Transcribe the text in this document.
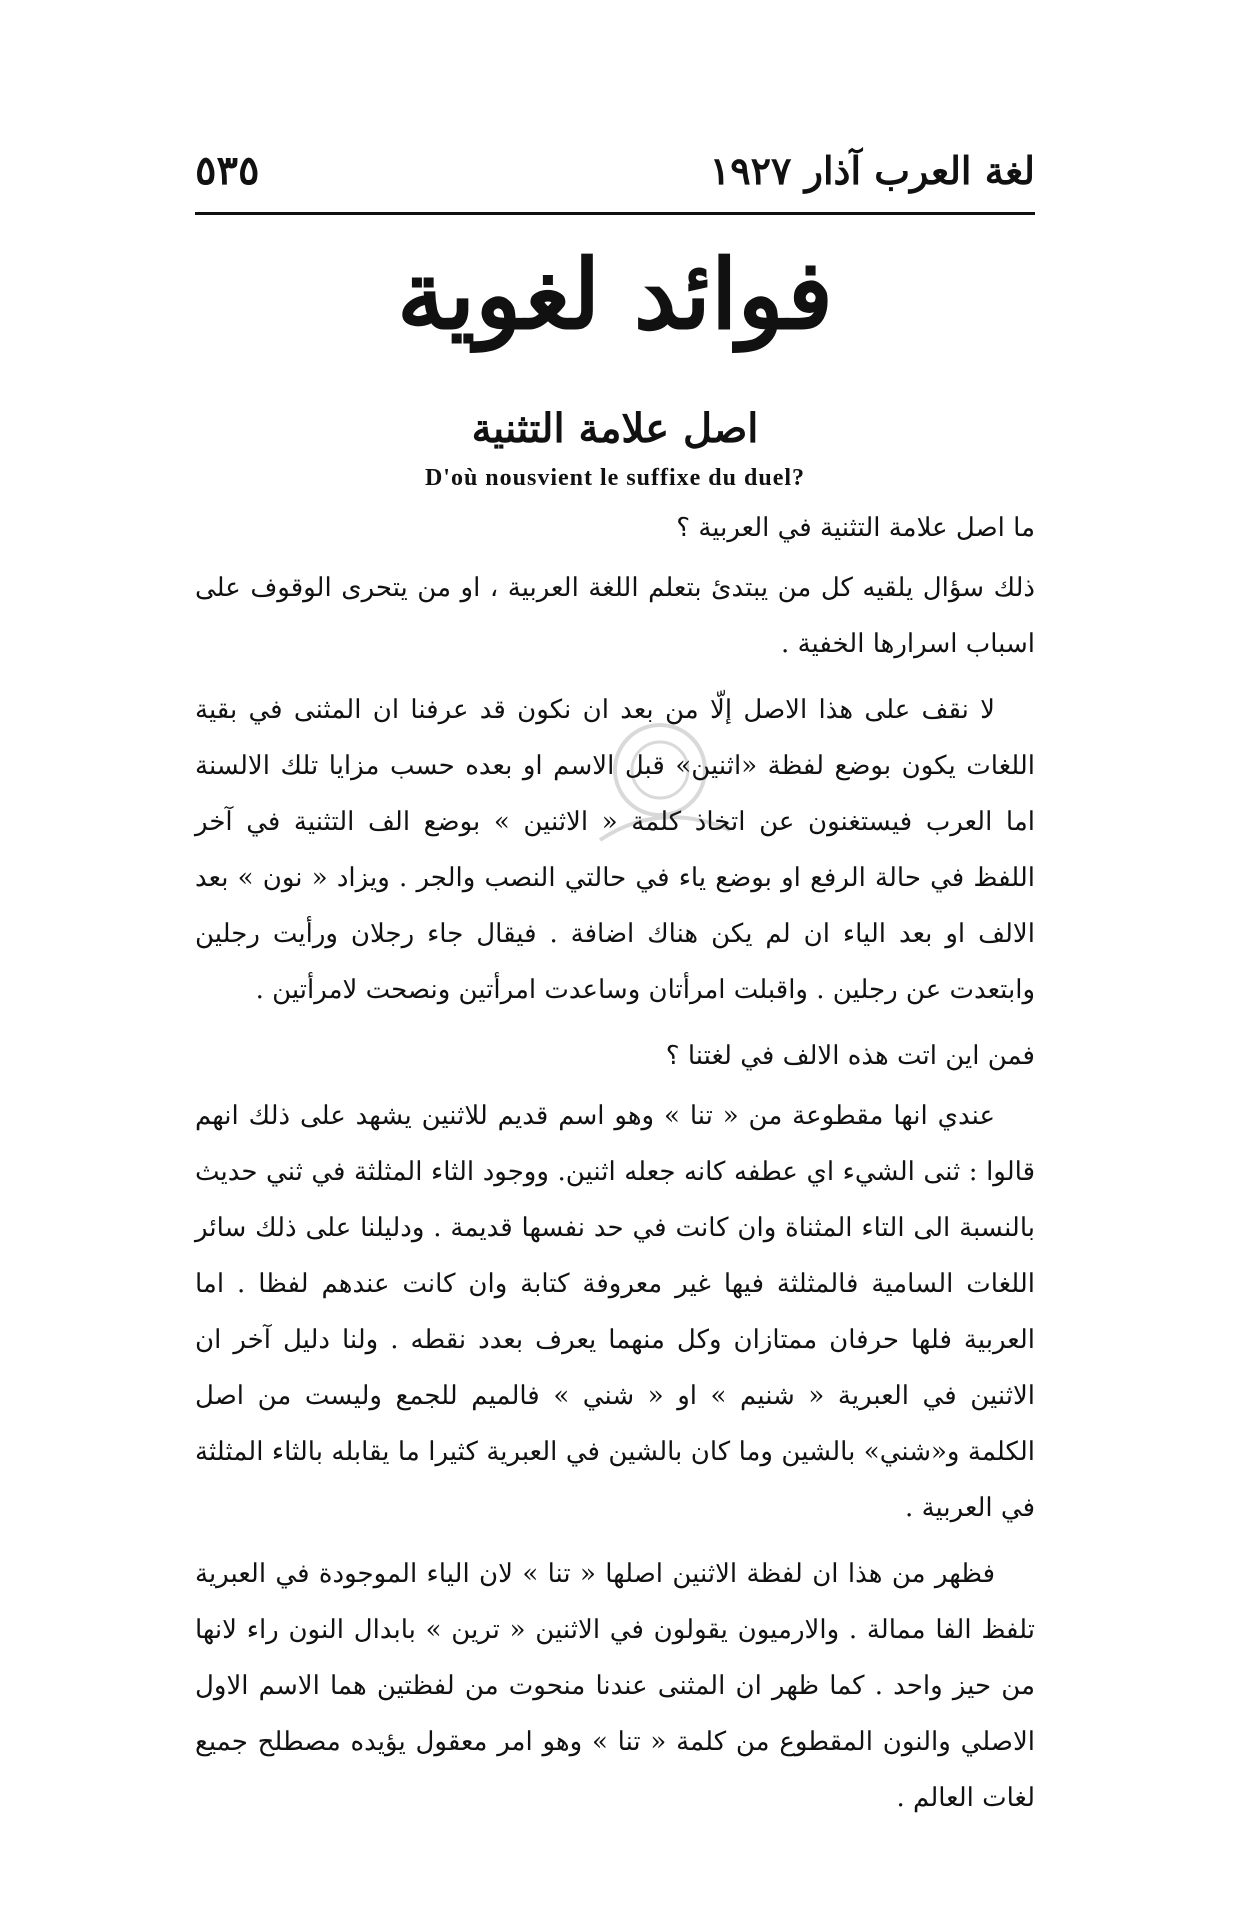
٥٣٥	لغة العرب آذار ١٩٢٧
فوائد لغوية
اصل علامة التثنية
D'où nousvient le suffixe du duel?

ما اصل علامة التثنية في العربية ؟

ذلك سؤال يلقيه كل من يبتدئ بتعلم اللغة العربية ، او من يتحرى الوقوف على اسباب اسرارها الخفية .

لا نقف على هذا الاصل إلّا من بعد ان نكون قد عرفنا ان المثنى في بقية اللغات يكون بوضع لفظة «اثنين» قبل الاسم او بعده حسب مزايا تلك الالسنة اما العرب فيستغنون عن اتخاذ كلمة « الاثنين » بوضع الف التثنية في آخر اللفظ في حالة الرفع او بوضع ياء في حالتي النصب والجر . ويزاد « نون » بعد الالف او بعد الياء ان لم يكن هناك اضافة . فيقال جاء رجلان ورأيت رجلين وابتعدت عن رجلين . واقبلت امرأتان وساعدت امرأتين ونصحت لامرأتين .

فمن اين اتت هذه الالف في لغتنا ؟

عندي انها مقطوعة من « تنا » وهو اسم قديم للاثنين يشهد على ذلك انهم قالوا : ثنى الشيء اي عطفه كانه جعله اثنين. ووجود الثاء المثلثة في ثني حديث بالنسبة الى التاء المثناة وان كانت في حد نفسها قديمة . ودليلنا على ذلك سائر اللغات السامية فالمثلثة فيها غير معروفة كتابة وان كانت عندهم لفظا . اما العربية فلها حرفان ممتازان وكل منهما يعرف بعدد نقطه . ولنا دليل آخر ان الاثنين في العبرية « شنيم » او « شني » فالميم للجمع وليست من اصل الكلمة و«شني» بالشين وما كان بالشين في العبرية كثيرا ما يقابله بالثاء المثلثة في العربية .

فظهر من هذا ان لفظة الاثنين اصلها « تنا » لان الياء الموجودة في العبرية تلفظ الفا ممالة . والارميون يقولون في الاثنين « ترين » بابدال النون راء لانها من حيز واحد . كما ظهر ان المثنى عندنا منحوت من لفظتين هما الاسم الاول الاصلي والنون المقطوع من كلمة « تنا » وهو امر معقول يؤيده مصطلح جميع لغات العالم .
